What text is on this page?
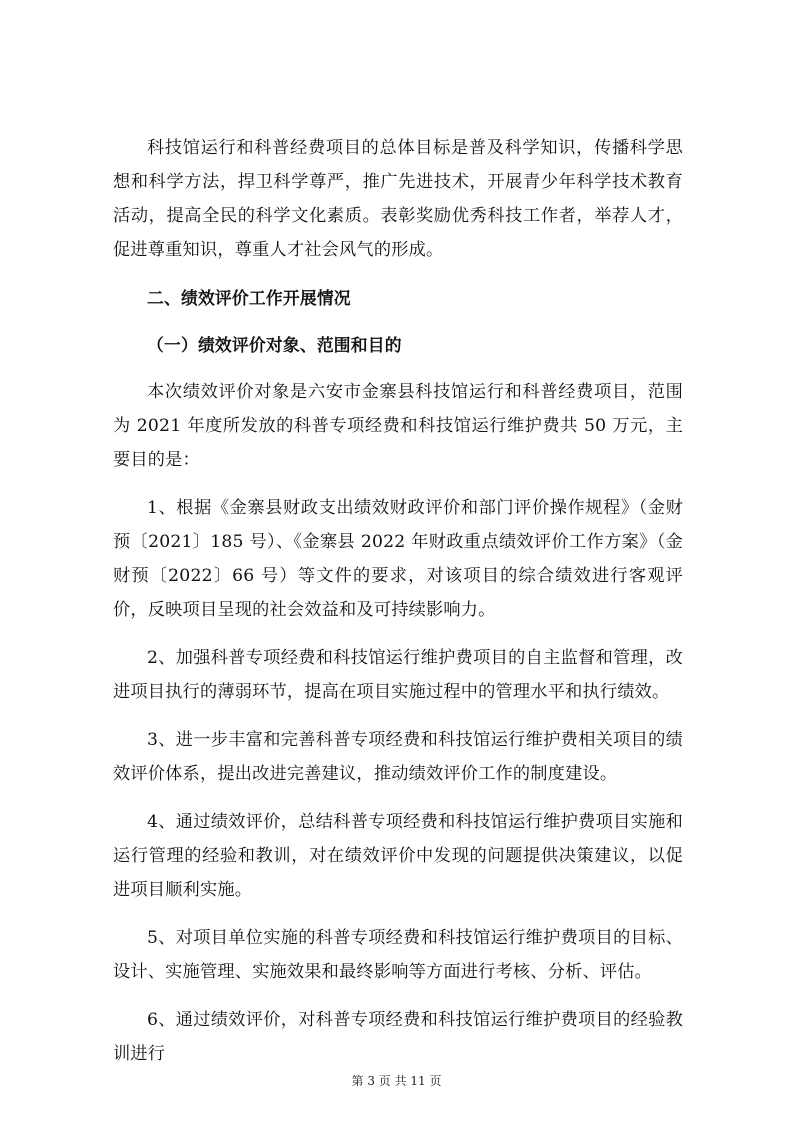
科技馆运行和科普经费项目的总体目标是普及科学知识，传播科学思想和科学方法，捍卫科学尊严，推广先进技术，开展青少年科学技术教育活动，提高全民的科学文化素质。表彰奖励优秀科技工作者，举荐人才，促进尊重知识，尊重人才社会风气的形成。

二、绩效评价工作开展情况

（一）绩效评价对象、范围和目的

本次绩效评价对象是六安市金寨县科技馆运行和科普经费项目，范围为 2021 年度所发放的科普专项经费和科技馆运行维护费共 50 万元，主要目的是：

1、根据《金寨县财政支出绩效财政评价和部门评价操作规程》（金财预〔2021〕185 号）、《金寨县 2022 年财政重点绩效评价工作方案》（金财预〔2022〕66 号）等文件的要求，对该项目的综合绩效进行客观评价，反映项目呈现的社会效益和及可持续影响力。

2、加强科普专项经费和科技馆运行维护费项目的自主监督和管理，改进项目执行的薄弱环节，提高在项目实施过程中的管理水平和执行绩效。

3、进一步丰富和完善科普专项经费和科技馆运行维护费相关项目的绩效评价体系，提出改进完善建议，推动绩效评价工作的制度建设。

4、通过绩效评价，总结科普专项经费和科技馆运行维护费项目实施和运行管理的经验和教训，对在绩效评价中发现的问题提供决策建议，以促进项目顺利实施。

5、对项目单位实施的科普专项经费和科技馆运行维护费项目的目标、设计、实施管理、实施效果和最终影响等方面进行考核、分析、评估。

6、通过绩效评价，对科普专项经费和科技馆运行维护费项目的经验教训进行

第 3 页 共 11 页
